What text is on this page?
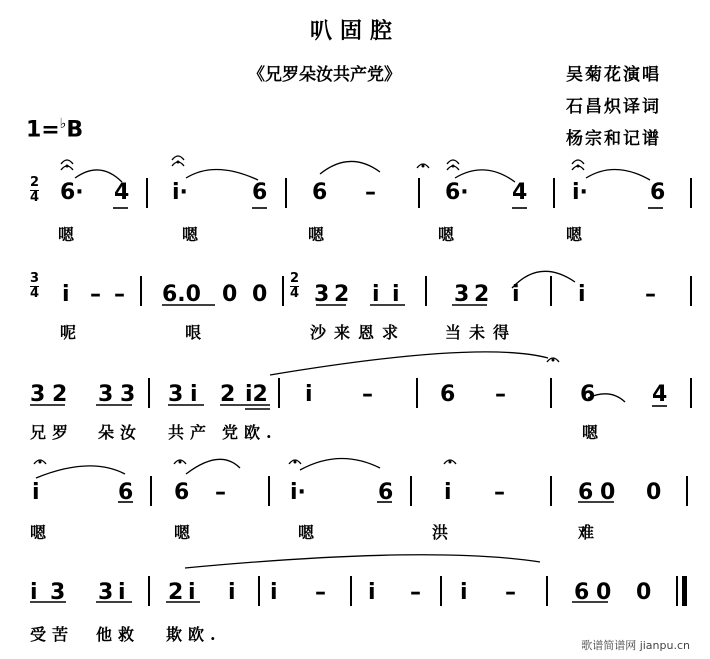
叭固腔
《兄罗朵汝共产党》	吴菊花演唱
石昌炽译词
杨宗和记谱
1=♭B
2
4 6· 4 i·	6 6 –	6· 4 i·	6
嗯	嗯	嗯	嗯	嗯
3
4 i – – 6.0 0 0
2
4 3 2 i i 3 2 i	i	–
呢	哏	沙来恩求 当未得
3 2 3 3 3 i 2 i2 i –	6 –	6	4
兄罗 朵汝 共产 党欧.	嗯
i	6 6 –	i·	6 i –	6 0 0
嗯	嗯	嗯	洪	难
i 3 3 i 2 i i i – i – i –	6 0 0
受苦 他救 欺欧.
歌谱简谱网 jianpu.cn
